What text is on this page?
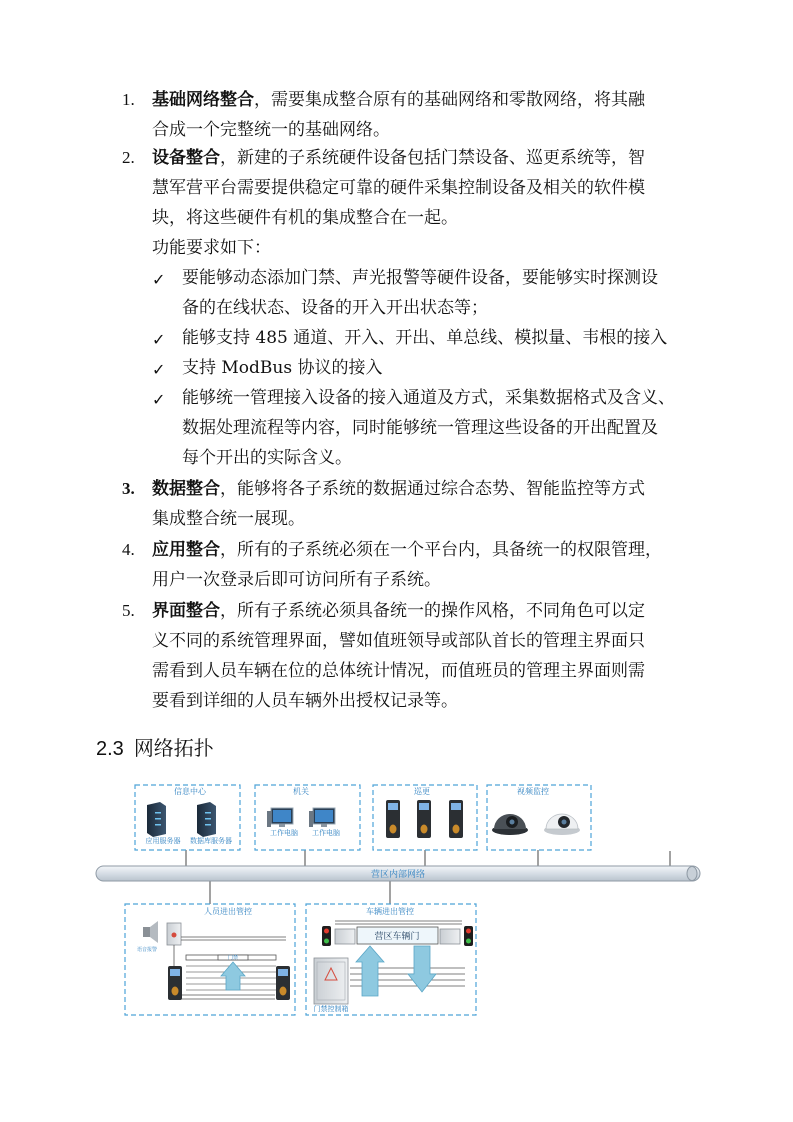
1. 基础网络整合，需要集成整合原有的基础网络和零散网络，将其融
合成一个完整统一的基础网络。
2. 设备整合，新建的子系统硬件设备包括门禁设备、巡更系统等，智
慧军营平台需要提供稳定可靠的硬件采集控制设备及相关的软件模
块，将这些硬件有机的集成整合在一起。
功能要求如下：
✓ 要能够动态添加门禁、声光报警等硬件设备，要能够实时探测设
备的在线状态、设备的开入开出状态等；
✓ 能够支持 485 通道、开入、开出、单总线、模拟量、韦根的接入
✓ 支持 ModBus 协议的接入
✓ 能够统一管理接入设备的接入通道及方式，采集数据格式及含义、
数据处理流程等内容，同时能够统一管理这些设备的开出配置及
每个开出的实际含义。
3. 数据整合，能够将各子系统的数据通过综合态势、智能监控等方式
集成整合统一展现。
4. 应用整合，所有的子系统必须在一个平台内，具备统一的权限管理，
用户一次登录后即可访问所有子系统。
5. 界面整合，所有子系统必须具备统一的操作风格，不同角色可以定
义不同的系统管理界面，譬如值班领导或部队首长的管理主界面只
需看到人员车辆在位的总体统计情况，而值班员的管理主界面则需
要看到详细的人员车辆外出授权记录等。
2.3 网络拓扑
信息中心
应用服务器 数据库服务器
机关
工作电脑 工作电脑
巡更	视频监控
营区内部网络
人员进出管控
语音报警
门禁
车辆进出管控
营区车辆门
门禁控制箱
